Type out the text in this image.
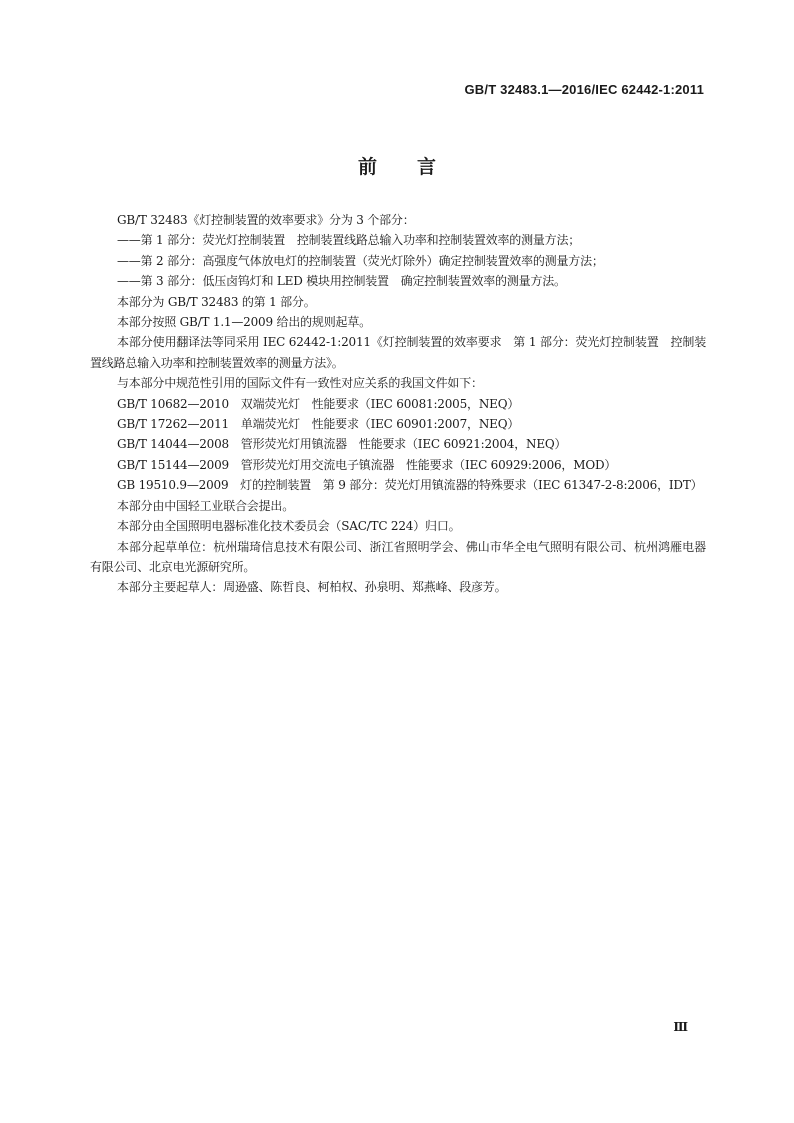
GB/T 32483.1—2016/IEC 62442-1:2011
前言

GB/T 32483《灯控制装置的效率要求》分为 3 个部分：

——第 1 部分：荧光灯控制装置　控制装置线路总输入功率和控制装置效率的测量方法；

——第 2 部分：高强度气体放电灯的控制装置（荧光灯除外）确定控制装置效率的测量方法；

——第 3 部分：低压卤钨灯和 LED 模块用控制装置　确定控制装置效率的测量方法。

本部分为 GB/T 32483 的第 1 部分。

本部分按照 GB/T 1.1—2009 给出的规则起草。

本部分使用翻译法等同采用 IEC 62442-1:2011《灯控制装置的效率要求　第 1 部分：荧光灯控制装置　控制装置线路总输入功率和控制装置效率的测量方法》。

与本部分中规范性引用的国际文件有一致性对应关系的我国文件如下：

GB/T 10682—2010　双端荧光灯　性能要求（IEC 60081:2005，NEQ）

GB/T 17262—2011　单端荧光灯　性能要求（IEC 60901:2007，NEQ）

GB/T 14044—2008　管形荧光灯用镇流器　性能要求（IEC 60921:2004，NEQ）

GB/T 15144—2009　管形荧光灯用交流电子镇流器　性能要求（IEC 60929:2006，MOD）

GB 19510.9—2009　灯的控制装置　第 9 部分：荧光灯用镇流器的特殊要求（IEC 61347-2-8:2006，IDT）

本部分由中国轻工业联合会提出。

本部分由全国照明电器标准化技术委员会（SAC/TC 224）归口。

本部分起草单位：杭州瑞琦信息技术有限公司、浙江省照明学会、佛山市华全电气照明有限公司、杭州鸿雁电器有限公司、北京电光源研究所。

本部分主要起草人：周逊盛、陈哲良、柯柏权、孙泉明、郑燕峰、段彦芳。

Ⅲ
